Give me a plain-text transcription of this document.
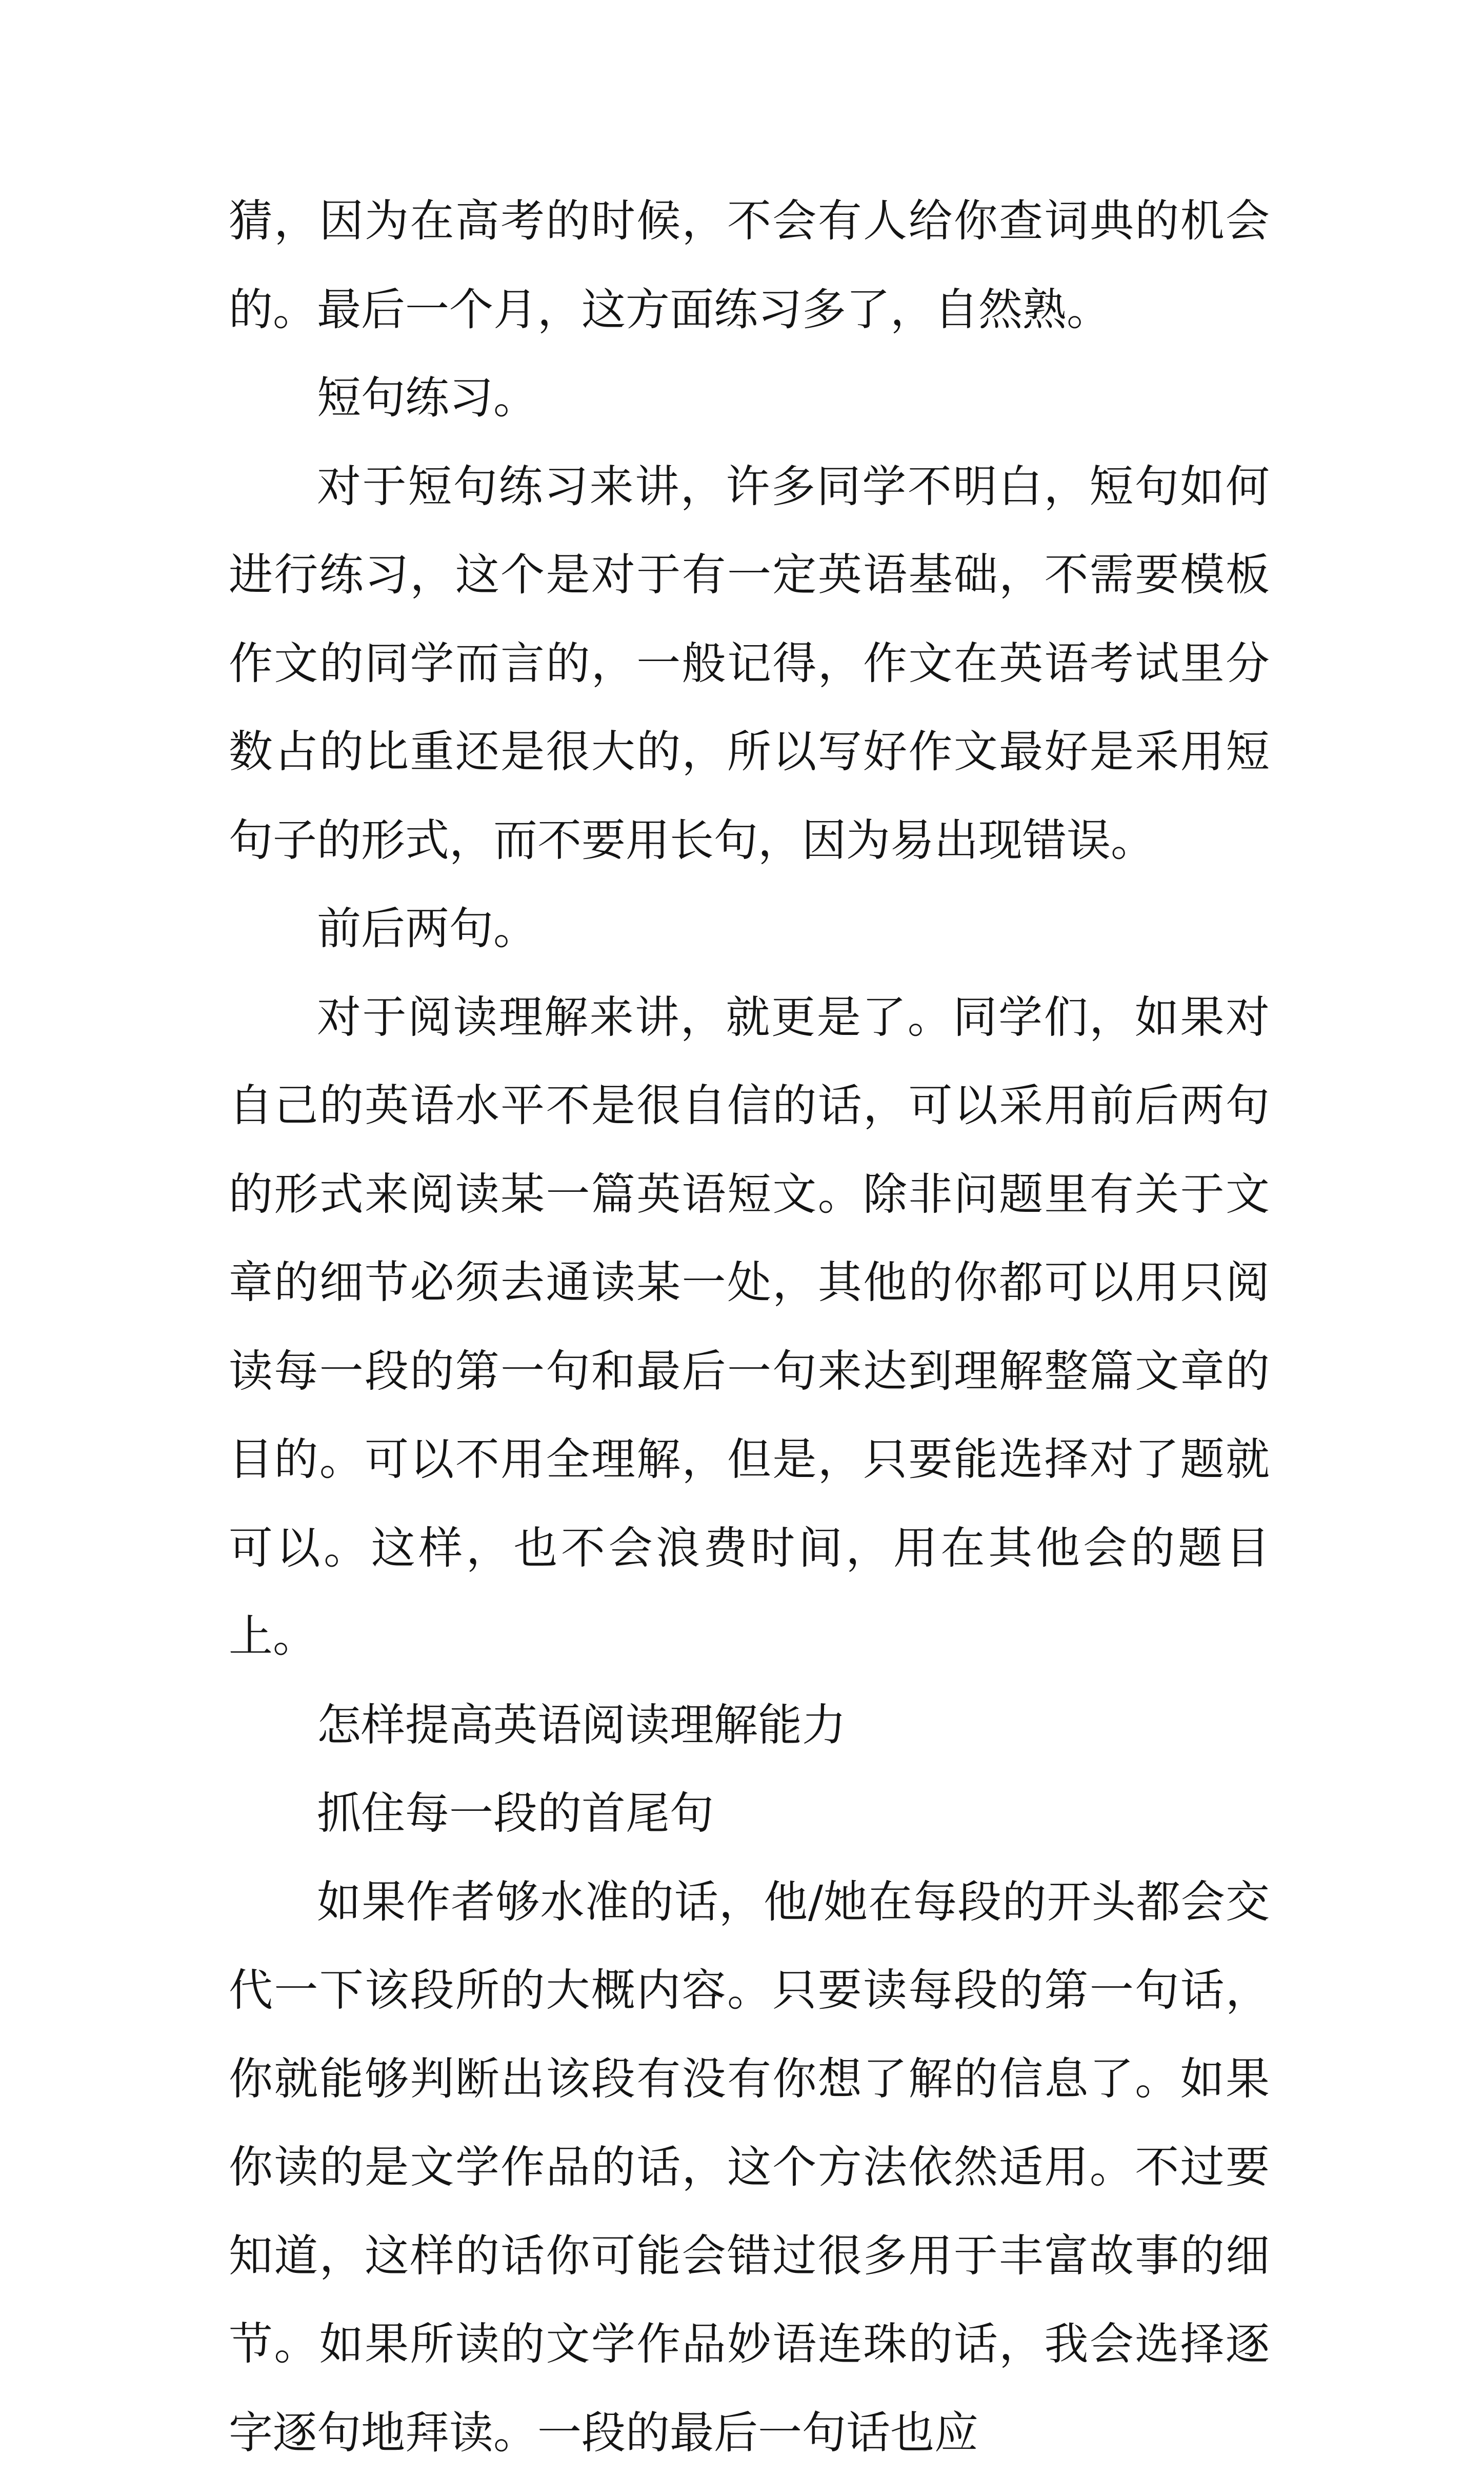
猜，因为在高考的时候，不会有人给你查词典的机会的。最后一个月，这方面练习多了，自然熟。

短句练习。

对于短句练习来讲，许多同学不明白，短句如何进行练习，这个是对于有一定英语基础，不需要模板作文的同学而言的，一般记得，作文在英语考试里分数占的比重还是很大的，所以写好作文最好是采用短句子的形式，而不要用长句，因为易出现错误。

前后两句。

对于阅读理解来讲，就更是了。同学们，如果对自己的英语水平不是很自信的话，可以采用前后两句的形式来阅读某一篇英语短文。除非问题里有关于文章的细节必须去通读某一处，其他的你都可以用只阅读每一段的第一句和最后一句来达到理解整篇文章的目的。可以不用全理解，但是，只要能选择对了题就可以。这样，也不会浪费时间，用在其他会的题目上。

怎样提高英语阅读理解能力

抓住每一段的首尾句

如果作者够水准的话，他/她在每段的开头都会交代一下该段所的大概内容。只要读每段的第一句话，你就能够判断出该段有没有你想了解的信息了。如果你读的是文学作品的话，这个方法依然适用。不过要知道，这样的话你可能会错过很多用于丰富故事的细节。如果所读的文学作品妙语连珠的话，我会选择逐字逐句地拜读。一段的最后一句话也应
